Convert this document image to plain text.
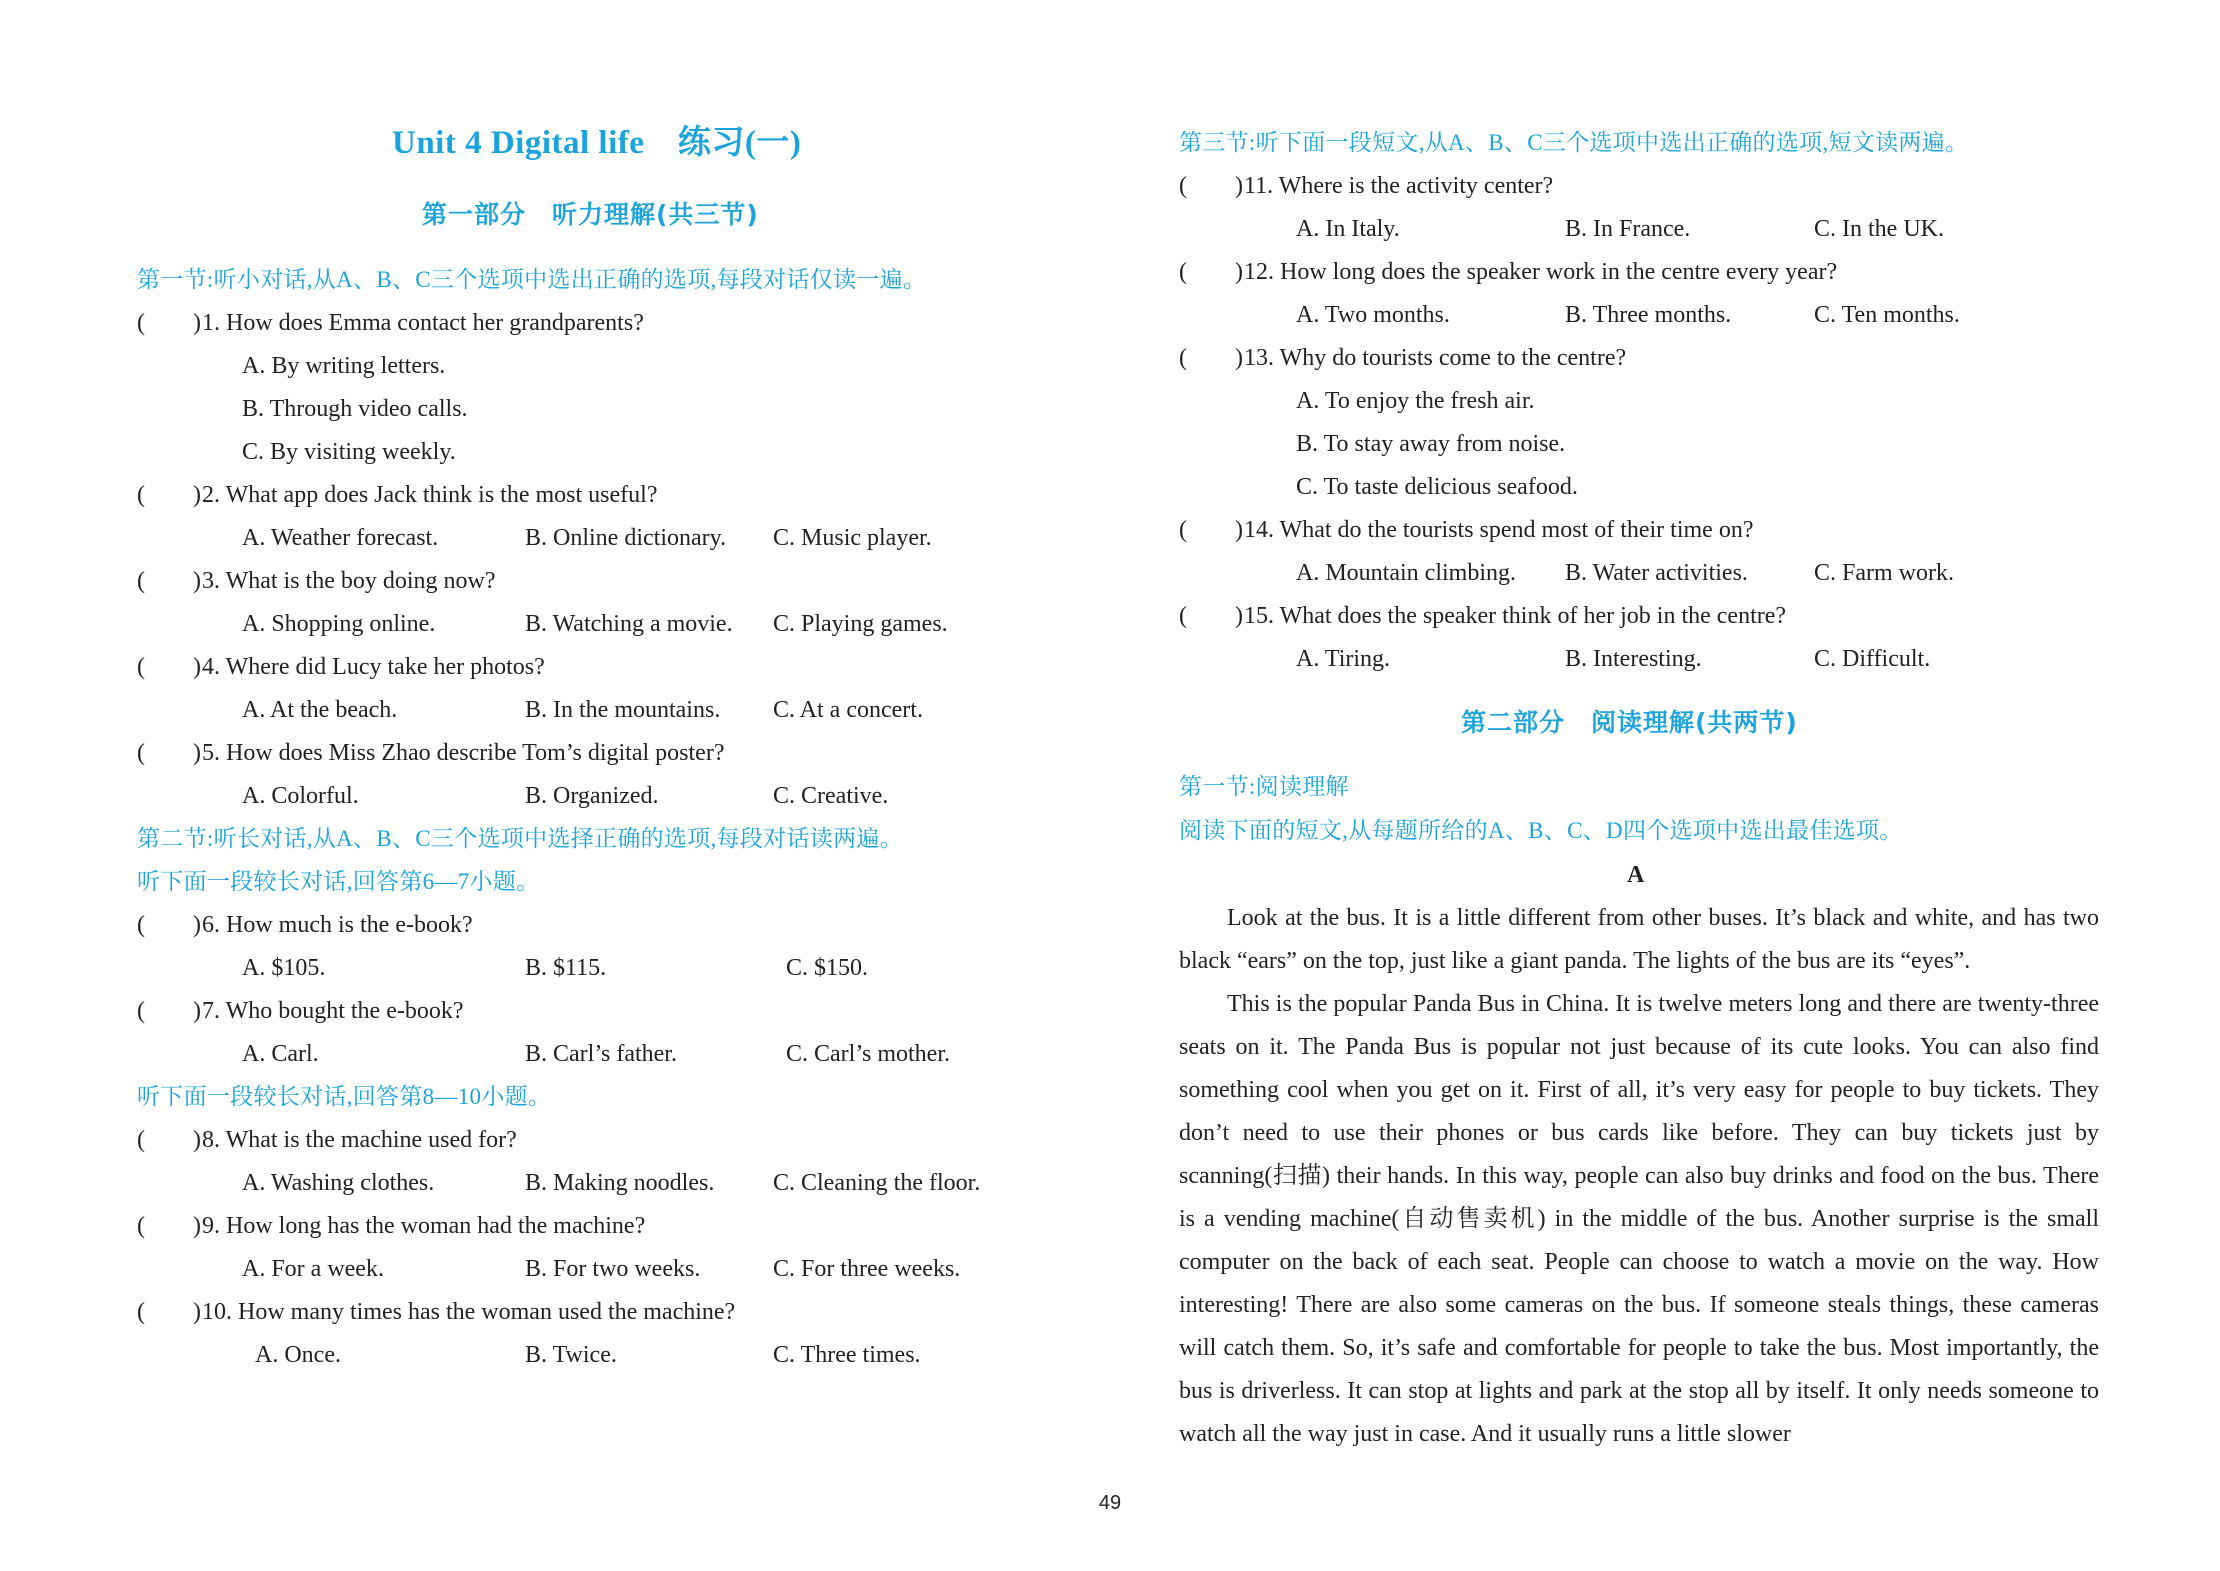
Unit 4 Digital life　练习(一)
第一部分　听力理解(共三节)
第一节:听小对话,从A、B、C三个选项中选出正确的选项,每段对话仅读一遍。
(　　) 1. How does Emma contact her grandparents?
A. By writing letters.
B. Through video calls.
C. By visiting weekly.
(　　) 2. What app does Jack think is the most useful?
A. Weather forecast.	B. Online dictionary. C. Music player.
(　　) 3. What is the boy doing now?
A. Shopping online.	B. Watching a movie. C. Playing games.
(　　) 4. Where did Lucy take her photos?
A. At the beach.	B. In the mountains. C. At a concert.
(　　) 5. How does Miss Zhao describe Tom’s digital poster?
A. Colorful.	B. Organized.	C. Creative.
第二节:听长对话,从A、B、C三个选项中选择正确的选项,每段对话读两遍。
听下面一段较长对话,回答第6—7小题。
(　　) 6. How much is the e-book?
A. $105.	B. $115.	C. $150.
(　　) 7. Who bought the e-book?
A. Carl.	B. Carl’s father.	C. Carl’s mother.
听下面一段较长对话,回答第8—10小题。
(　　) 8. What is the machine used for?
A. Washing clothes.	B. Making noodles. C. Cleaning the floor.
(　　) 9. How long has the woman had the machine?
A. For a week.	B. For two weeks.	C. For three weeks.
(　　) 10. How many times has the woman used the machine?
A. Once.	B. Twice.	C. Three times.
第三节:听下面一段短文,从A、B、C三个选项中选出正确的选项,短文读两遍。
(　　) 11. Where is the activity center?
A. In Italy.	B. In France.	C. In the UK.
(　　) 12. How long does the speaker work in the centre every year?
A. Two months.	B. Three months.	C. Ten months.
(　　) 13. Why do tourists come to the centre?
A. To enjoy the fresh air.
B. To stay away from noise.
C. To taste delicious seafood.
(　　) 14. What do the tourists spend most of their time on?
A. Mountain climbing. B. Water activities.	C. Farm work.
(　　) 15. What does the speaker think of her job in the centre?
A. Tiring.	B. Interesting.	C. Difficult.
第二部分　阅读理解(共两节)
第一节:阅读理解
阅读下面的短文,从每题所给的A、B、C、D四个选项中选出最佳选项。
A
Look at the bus. It is a little different from other buses. It’s black and white, and has two black “ears” on the top, just like a giant panda. The lights of the bus are its “eyes”.
This is the popular Panda Bus in China. It is twelve meters long and there are twenty-three seats on it. The Panda Bus is popular not just because of its cute looks. You can also find something cool when you get on it. First of all, it’s very easy for people to buy tickets. They don’t need to use their phones or bus cards like before. They can buy tickets just by scanning(扫描) their hands. In this way, people can also buy drinks and food on the bus. There is a vending machine(自动售卖机) in the middle of the bus. Another surprise is the small computer on the back of each seat. People can choose to watch a movie on the way. How interesting! There are also some cameras on the bus. If someone steals things, these cameras will catch them. So, it’s safe and comfortable for people to take the bus. Most importantly, the bus is driverless. It can stop at lights and park at the stop all by itself. It only needs someone to watch all the way just in case. And it usually runs a little slower
49
